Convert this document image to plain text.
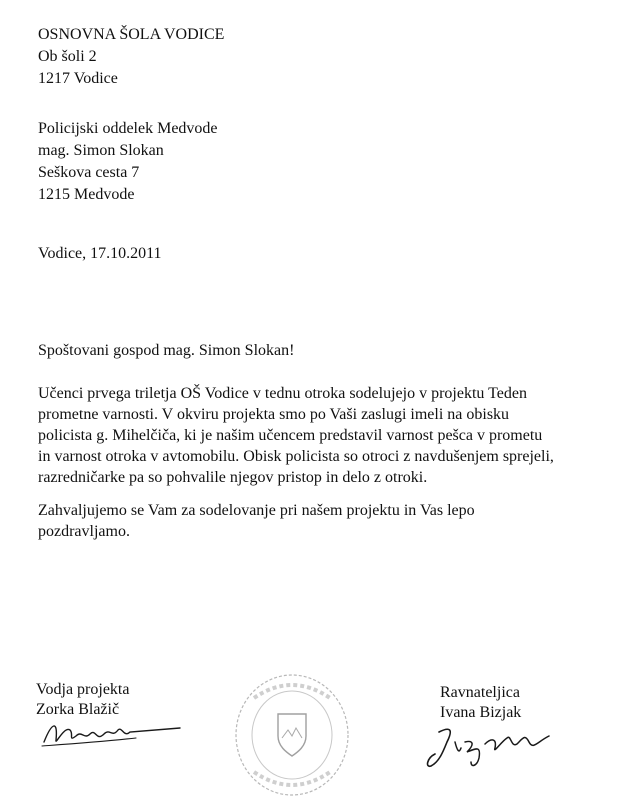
OSNOVNA ŠOLA VODICE
Ob šoli 2
1217 Vodice
Policijski oddelek Medvode
mag. Simon Slokan
Seškova cesta 7
1215 Medvode
Vodice, 17.10.2011
Spoštovani gospod mag. Simon Slokan!
Učenci prvega triletja OŠ Vodice v tednu otroka sodelujejo v projektu Teden
prometne varnosti. V okviru projekta smo po Vaši zaslugi imeli na obisku
policista g. Mihelčiča, ki je našim učencem predstavil varnost pešca v prometu
in varnost otroka v avtomobilu. Obisk policista so otroci z navdušenjem sprejeli,
razredničarke pa so pohvalile njegov pristop in delo z otroki.
Zahvaljujemo se Vam za sodelovanje pri našem projektu in Vas lepo
pozdravljamo.
Vodja projekta
Zorka Blažič
Ravnateljica
Ivana Bizjak
